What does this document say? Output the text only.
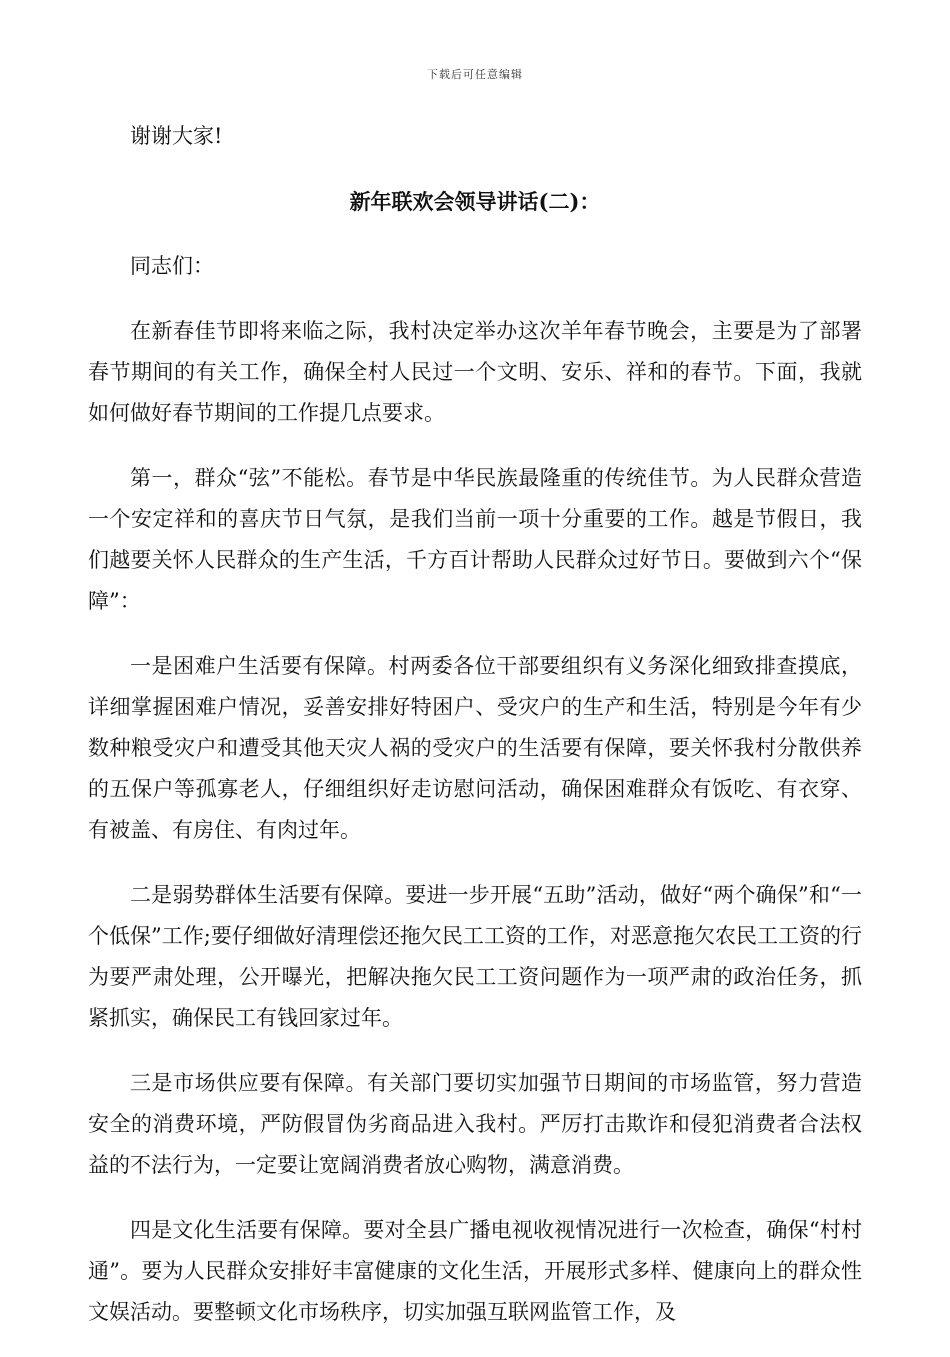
下载后可任意编辑

谢谢大家!

新年联欢会领导讲话(二)：

同志们：

在新春佳节即将来临之际，我村决定举办这次羊年春节晚会，主要是为了部署春节期间的有关工作，确保全村人民过一个文明、安乐、祥和的春节。下面，我就如何做好春节期间的工作提几点要求。

第一，群众“弦”不能松。春节是中华民族最隆重的传统佳节。为人民群众营造一个安定祥和的喜庆节日气氛，是我们当前一项十分重要的工作。越是节假日，我们越要关怀人民群众的生产生活，千方百计帮助人民群众过好节日。要做到六个“保障”：

一是困难户生活要有保障。村两委各位干部要组织有义务深化细致排查摸底，详细掌握困难户情况，妥善安排好特困户、受灾户的生产和生活，特别是今年有少数种粮受灾户和遭受其他天灾人祸的受灾户的生活要有保障，要关怀我村分散供养的五保户等孤寡老人，仔细组织好走访慰问活动，确保困难群众有饭吃、有衣穿、有被盖、有房住、有肉过年。

二是弱势群体生活要有保障。要进一步开展“五助”活动，做好“两个确保”和“一个低保”工作;要仔细做好清理偿还拖欠民工工资的工作，对恶意拖欠农民工工资的行为要严肃处理，公开曝光，把解决拖欠民工工资问题作为一项严肃的政治任务，抓紧抓实，确保民工有钱回家过年。

三是市场供应要有保障。有关部门要切实加强节日期间的市场监管，努力营造安全的消费环境，严防假冒伪劣商品进入我村。严厉打击欺诈和侵犯消费者合法权益的不法行为，一定要让宽阔消费者放心购物，满意消费。

四是文化生活要有保障。要对全县广播电视收视情况进行一次检查，确保“村村通”。要为人民群众安排好丰富健康的文化生活，开展形式多样、健康向上的群众性文娱活动。要整顿文化市场秩序，切实加强互联网监管工作，及
